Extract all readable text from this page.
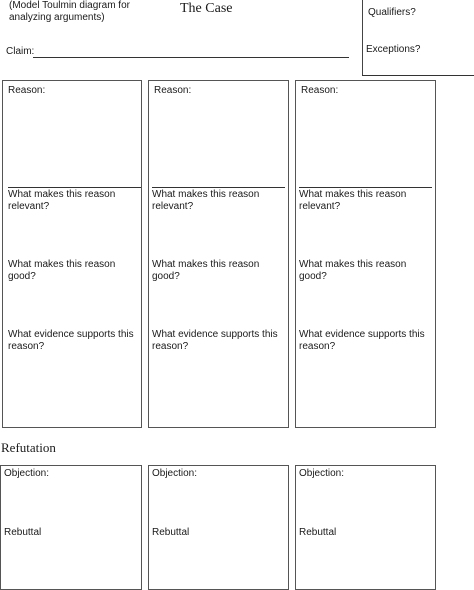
(Model Toulmin diagram for analyzing arguments)
The Case
Claim:
Qualifiers?
Exceptions?
Reason:
What makes this reason
relevant?
What makes this reason
good?
What evidence supports this
reason?
Reason:
What makes this reason
relevant?
What makes this reason
good?
What evidence supports this
reason?
Reason:
What makes this reason
relevant?
What makes this reason
good?
What evidence supports this
reason?
Refutation
Objection:
Rebuttal
Objection:
Rebuttal
Objection:
Rebuttal
